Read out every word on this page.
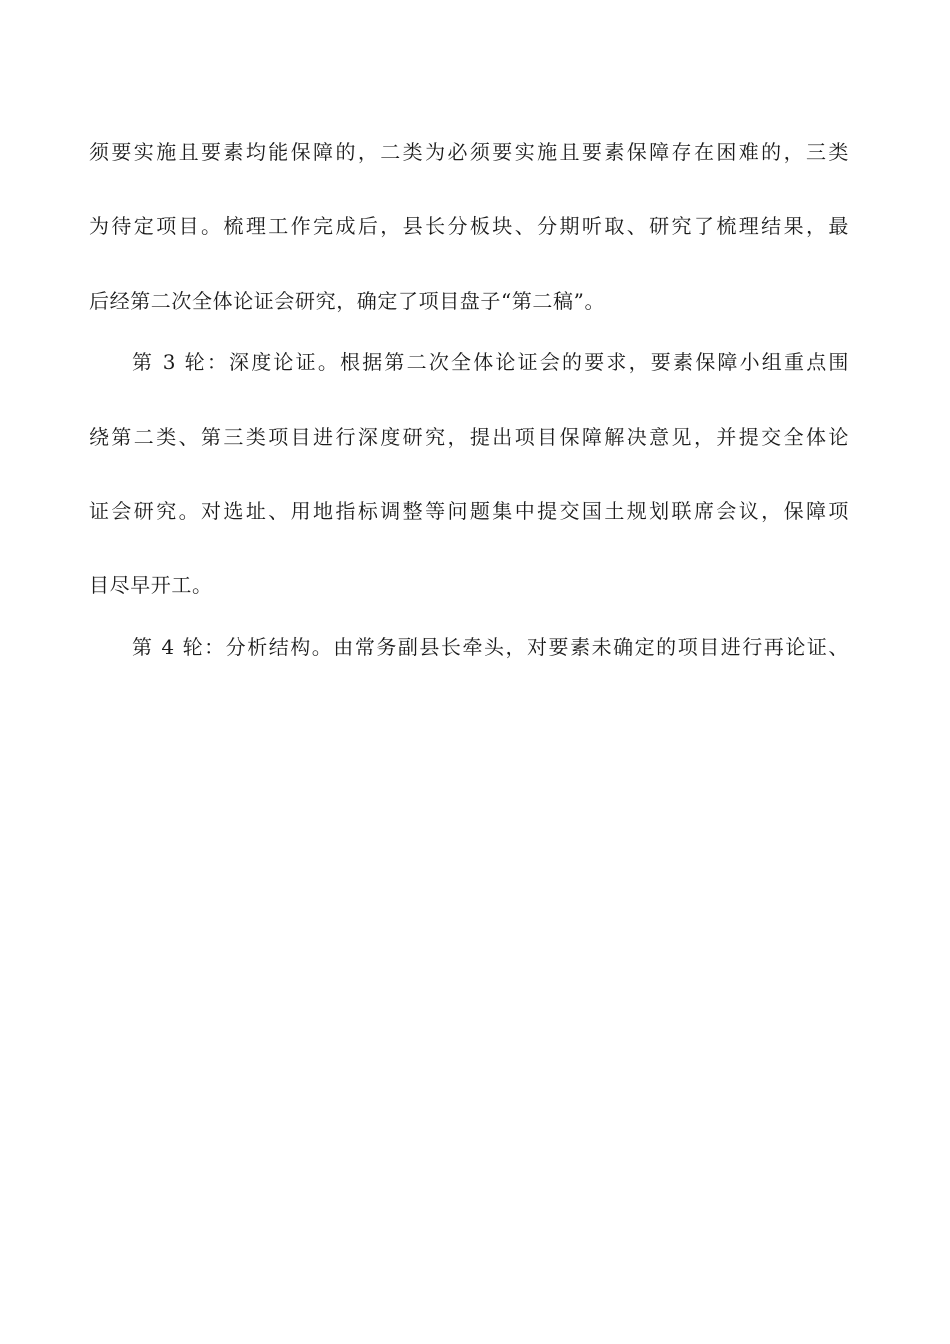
须要实施且要素均能保障的，二类为必须要实施且要素保障存在困难的，三类
为待定项目。梳理工作完成后，县长分板块、分期听取、研究了梳理结果，最
后经第二次全体论证会研究，确定了项目盘子“第二稿”。
第 3 轮：深度论证。根据第二次全体论证会的要求，要素保障小组重点围
绕第二类、第三类项目进行深度研究，提出项目保障解决意见，并提交全体论
证会研究。对选址、用地指标调整等问题集中提交国土规划联席会议，保障项
目尽早开工。
第 4 轮：分析结构。由常务副县长牵头，对要素未确定的项目进行再论证、
